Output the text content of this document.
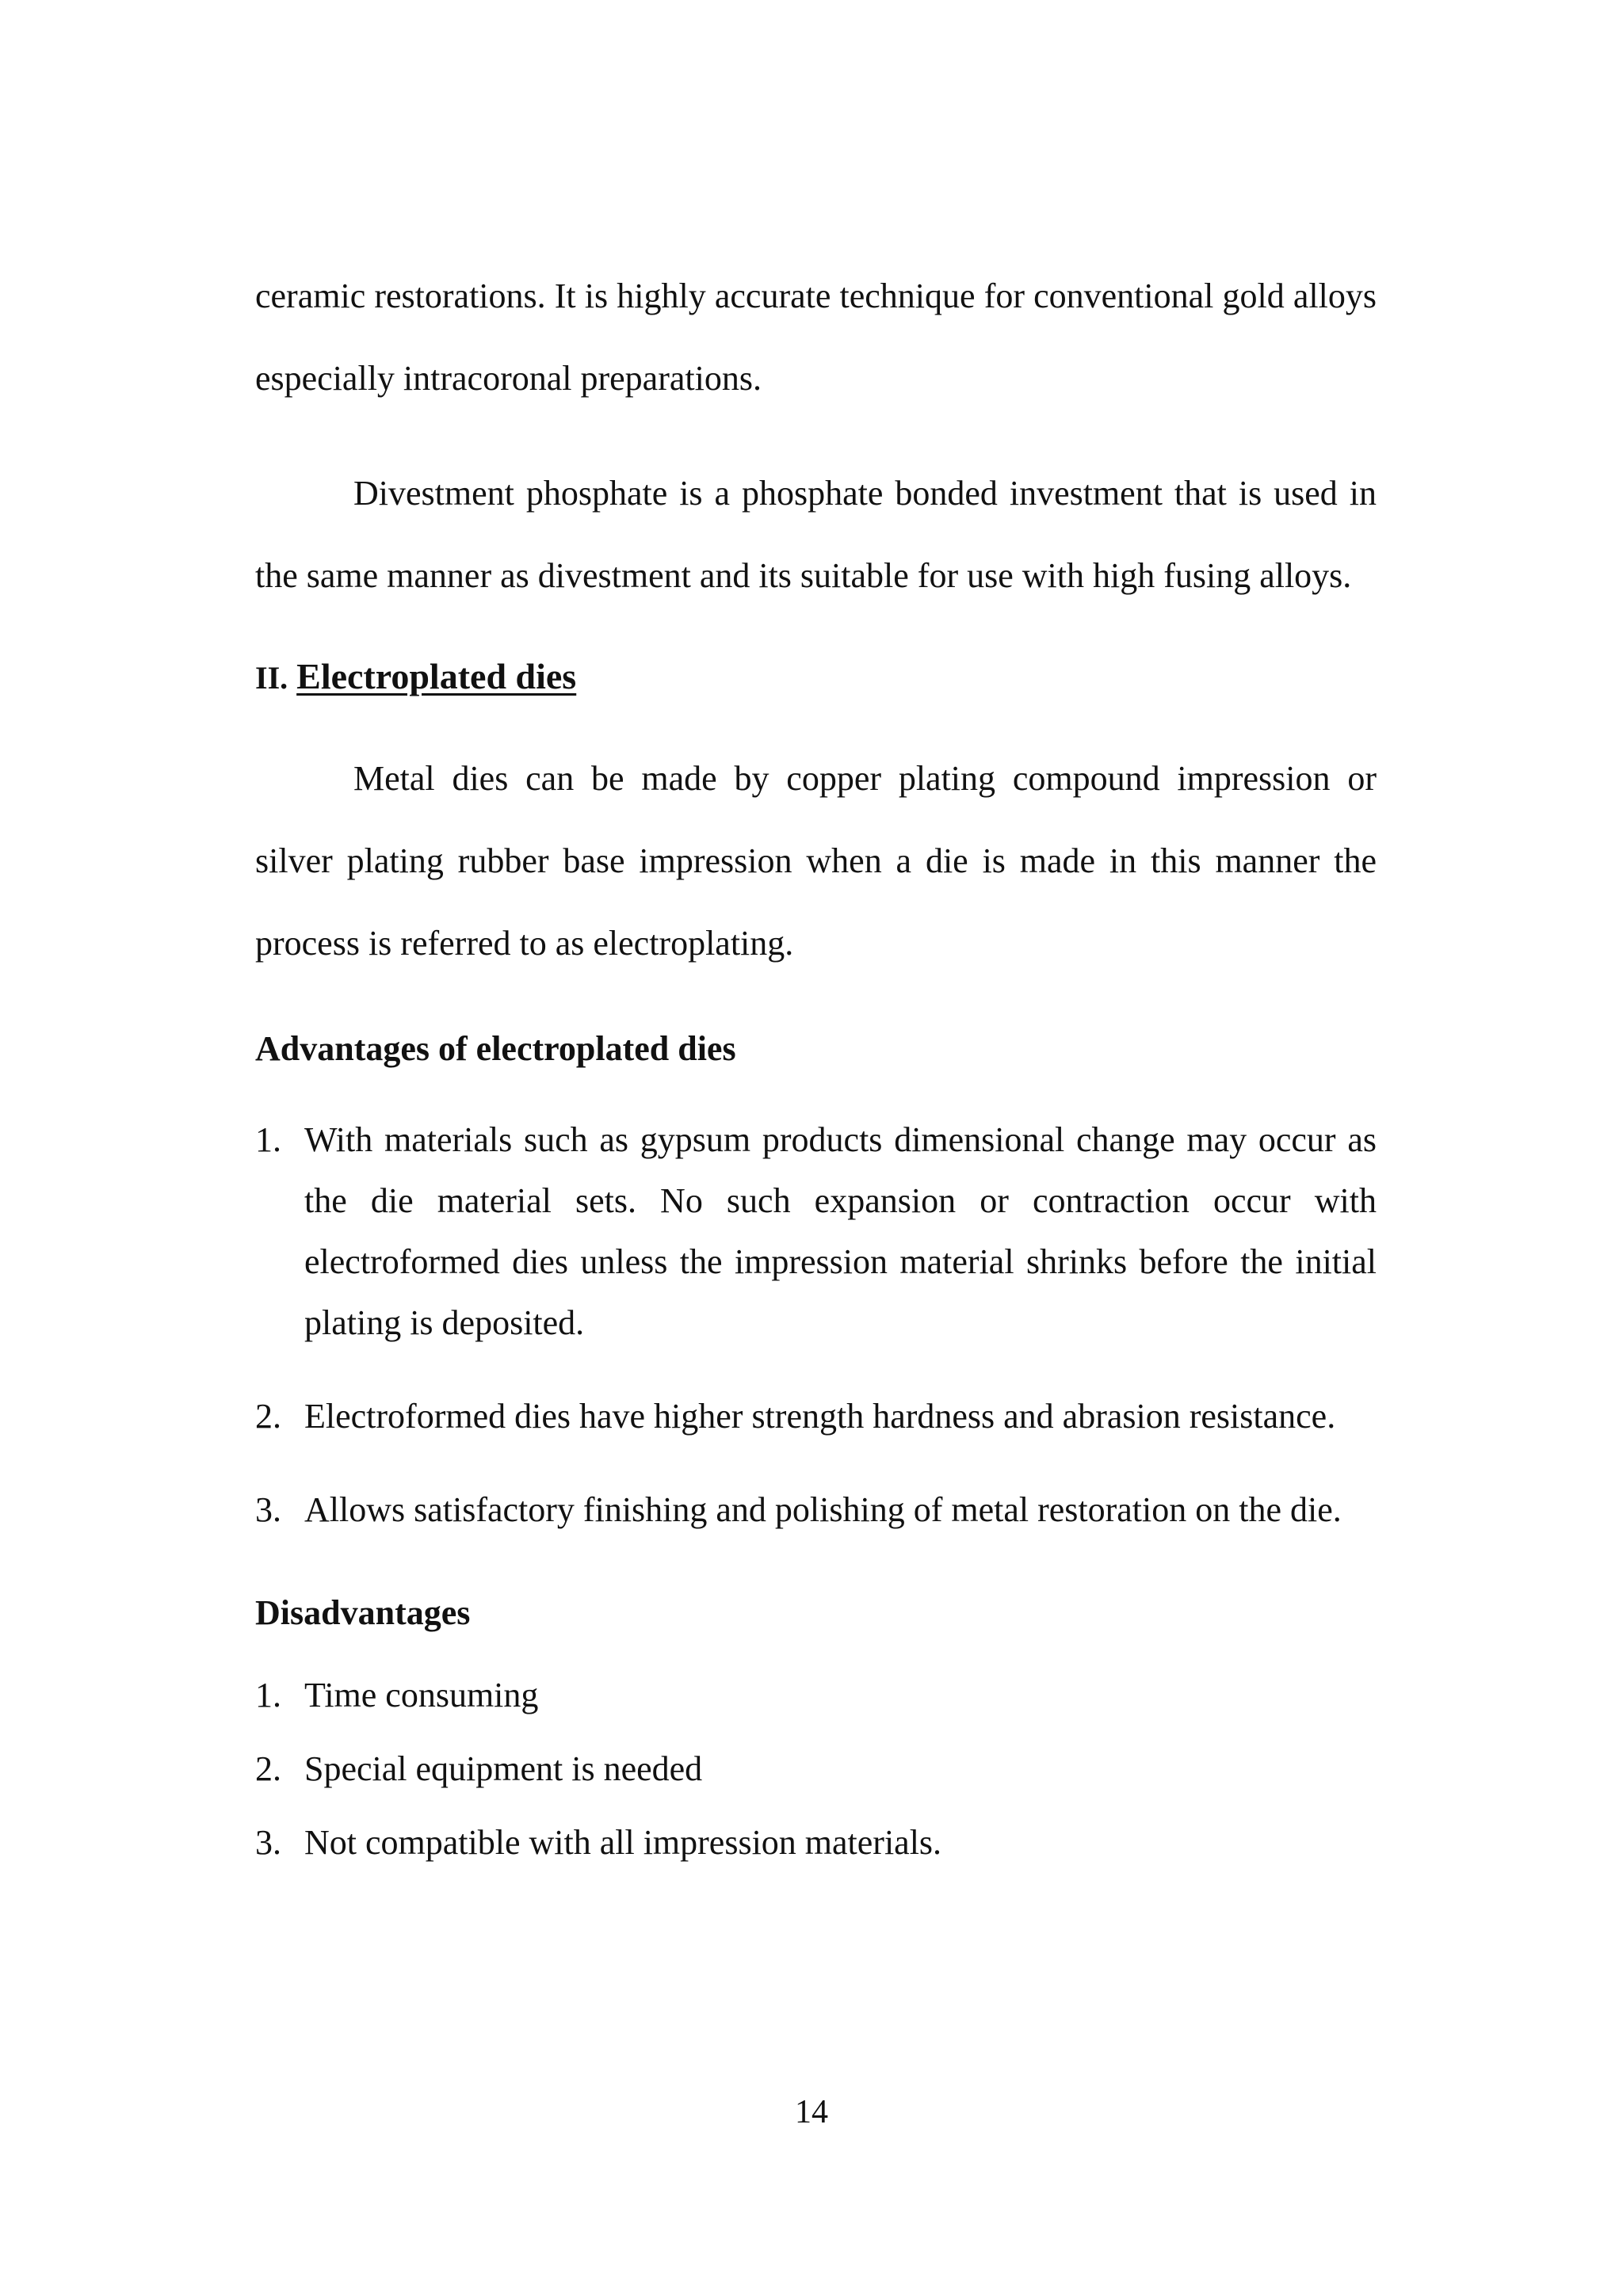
ceramic restorations. It is highly accurate technique for conventional gold alloys especially intracoronal preparations.

Divestment phosphate is a phosphate bonded investment that is used in the same manner as divestment and its suitable for use with high fusing alloys.

II. Electroplated dies

Metal dies can be made by copper plating compound impression or silver plating rubber base impression when a die is made in this manner the process is referred to as electroplating.

Advantages of electroplated dies
1. With materials such as gypsum products dimensional change may occur as the die material sets. No such expansion or contraction occur with electroformed dies unless the impression material shrinks before the initial plating is deposited.
2. Electroformed dies have higher strength hardness and abrasion resistance.
3. Allows satisfactory finishing and polishing of metal restoration on the die.
Disadvantages
1. Time consuming
2. Special equipment is needed
3. Not compatible with all impression materials.
14
